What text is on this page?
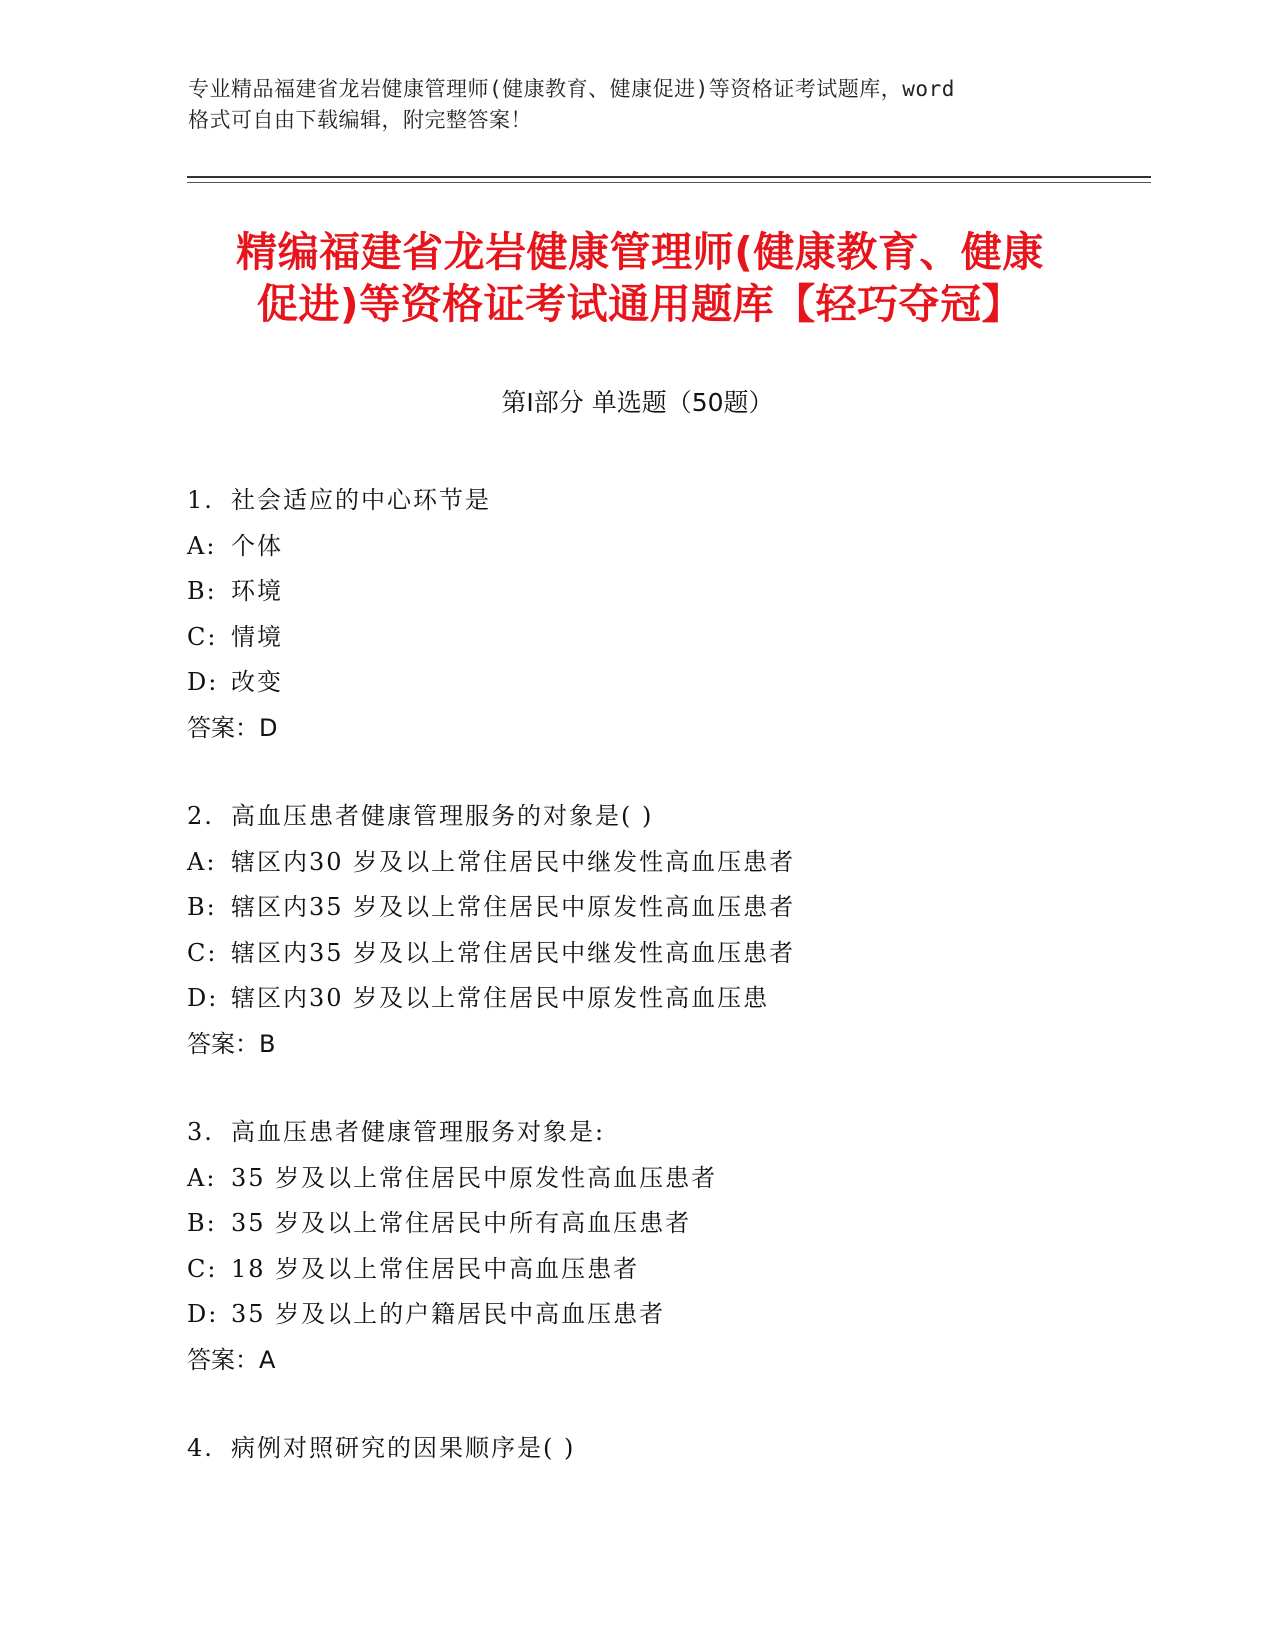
专业精品福建省龙岩健康管理师(健康教育、健康促进)等资格证考试题库，word
格式可自由下载编辑，附完整答案！
精编福建省龙岩健康管理师(健康教育、健康
促进)等资格证考试通用题库【轻巧夺冠】
第Ⅰ部分 单选题（50题）
1. 社会适应的中心环节是
A: 个体
B: 环境
C: 情境
D: 改变
答案：D
2. 高血压患者健康管理服务的对象是( )
A: 辖区内30 岁及以上常住居民中继发性高血压患者
B: 辖区内35 岁及以上常住居民中原发性高血压患者
C: 辖区内35 岁及以上常住居民中继发性高血压患者
D: 辖区内30 岁及以上常住居民中原发性高血压患
答案：B
3. 高血压患者健康管理服务对象是:
A: 35 岁及以上常住居民中原发性高血压患者
B: 35 岁及以上常住居民中所有高血压患者
C: 18 岁及以上常住居民中高血压患者
D: 35 岁及以上的户籍居民中高血压患者
答案：A
4. 病例对照研究的因果顺序是( )
